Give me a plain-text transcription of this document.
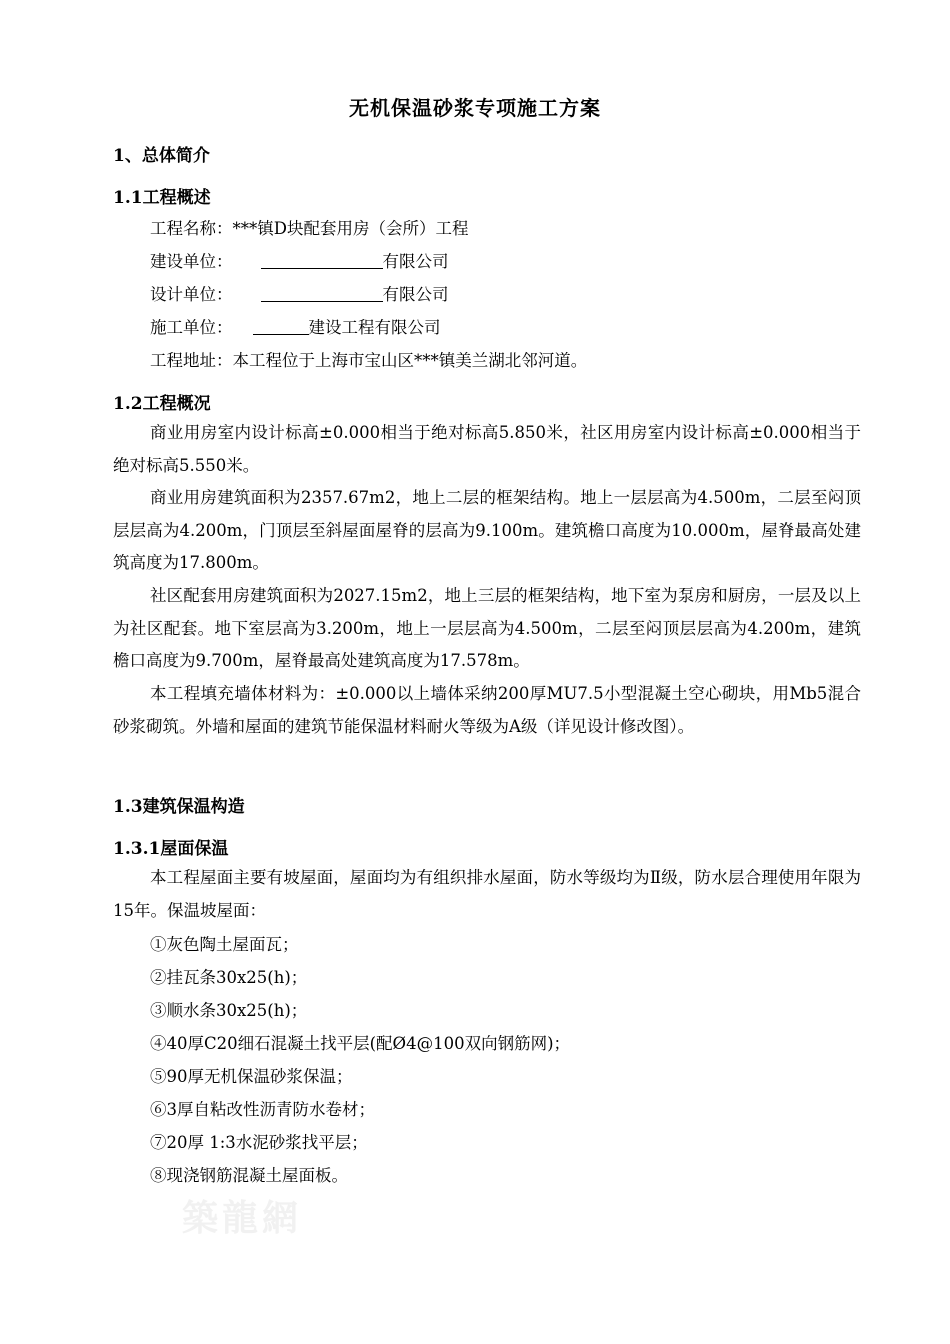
无机保温砂浆专项施工方案
1、总体简介
1.1工程概述
工程名称：***镇D块配套用房（会所）工程
建设单位：	有限公司
设计单位：	有限公司
施工单位：	建设工程有限公司
工程地址：本工程位于上海市宝山区***镇美兰湖北邻河道。
1.2工程概况
商业用房室内设计标高±0.000相当于绝对标高5.850米，社区用房室内设计标高±0.000相当于绝对标高5.550米。
商业用房建筑面积为2357.67m2，地上二层的框架结构。地上一层层高为4.500m，二层至闷顶层层高为4.200m，门顶层至斜屋面屋脊的层高为9.100m。建筑檐口高度为10.000m，屋脊最高处建筑高度为17.800m。
社区配套用房建筑面积为2027.15m2，地上三层的框架结构，地下室为泵房和厨房，一层及以上为社区配套。地下室层高为3.200m，地上一层层高为4.500m，二层至闷顶层层高为4.200m，建筑檐口高度为9.700m，屋脊最高处建筑高度为17.578m。
本工程填充墙体材料为：±0.000以上墙体采纳200厚MU7.5小型混凝土空心砌块，用Mb5混合砂浆砌筑。外墙和屋面的建筑节能保温材料耐火等级为A级（详见设计修改图）。
1.3建筑保温构造
1.3.1屋面保温
本工程屋面主要有坡屋面，屋面均为有组织排水屋面，防水等级均为Ⅱ级，防水层合理使用年限为15年。保温坡屋面：
①灰色陶土屋面瓦；
②挂瓦条30x25(h)；
③顺水条30x25(h)；
④40厚C20细石混凝土找平层(配Ø4@100双向钢筋网)；
⑤90厚无机保温砂浆保温；
⑥3厚自粘改性沥青防水卷材；
⑦20厚 1:3水泥砂浆找平层；
⑧现浇钢筋混凝土屋面板。
築龍網
